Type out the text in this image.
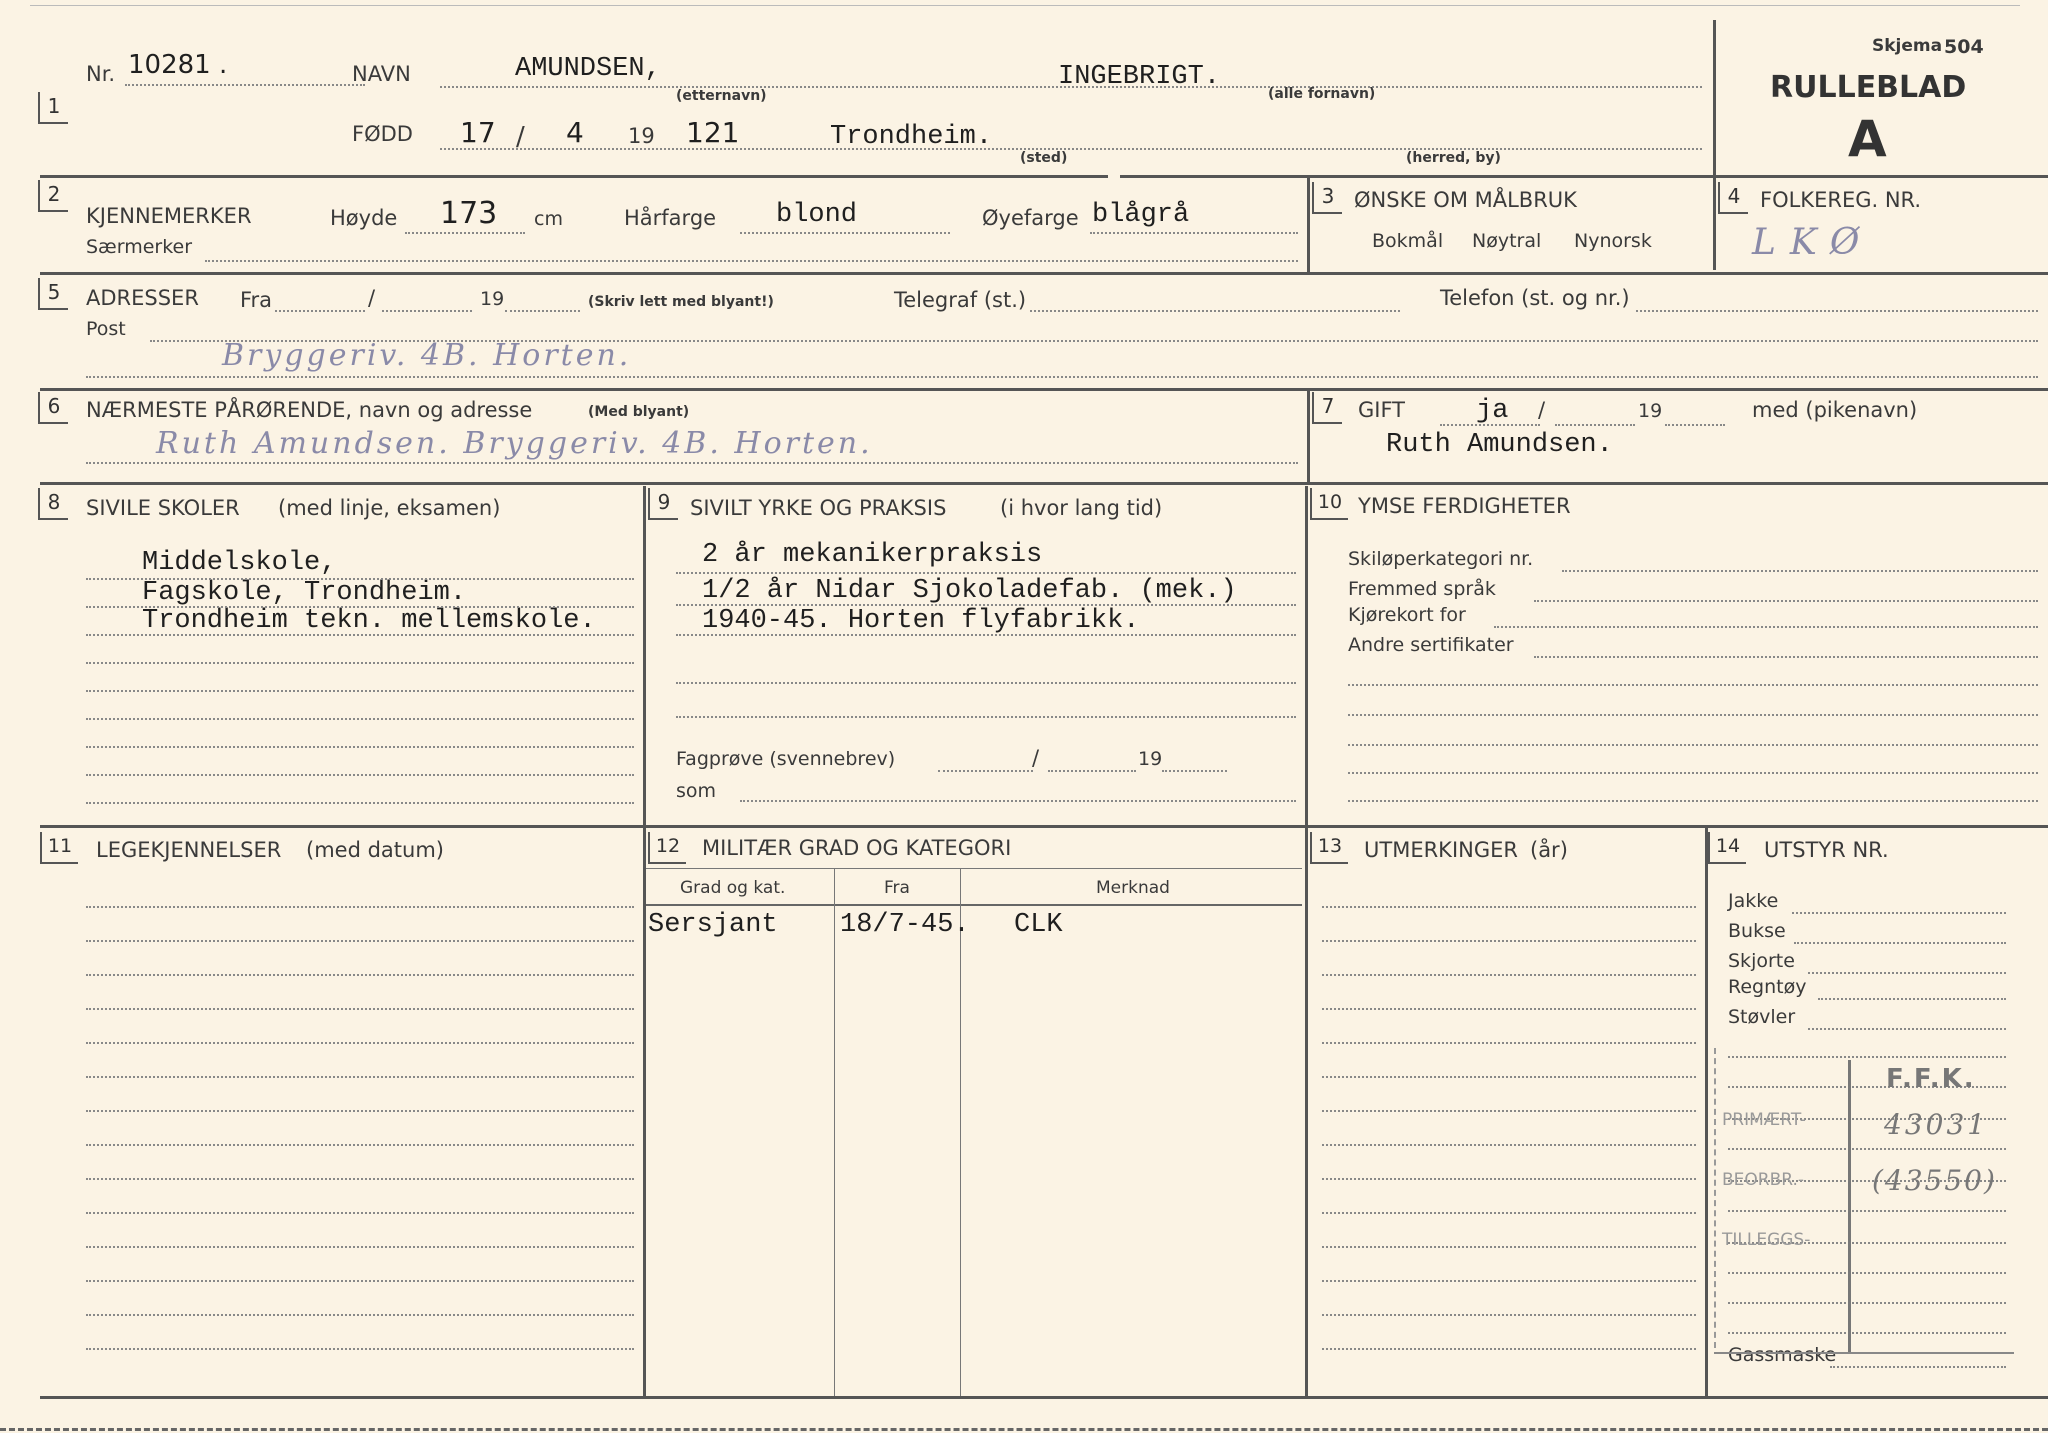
1
Nr. 10281 .	NAVN	AMUNDSEN,
(etternavn)
INGEBRIGT.
(alle fornavn)
FØDD 17 / 4 19 121	Trondheim.
(sted)	(herred, by)
Skjema 504
RULLEBLAD
A
2
KJENNEMERKER
Særmerker
Høyde 173 cm	Hårfarge blond	Øyefarge blågrå
3 ØNSKE OM MÅLBRUK
Bokmål Nøytral Nynorsk
4 FOLKEREG. NR.
LKØ
5	ADRESSER Fra	/	19	(Skriv lett med blyant!)	Telegraf (st.)	Telefon (st. og nr.)
Post
Bryggeriv. 4B. Horten.
6	NÆRMESTE PÅRØRENDE, navn og adresse	(Med blyant)
Ruth Amundsen. Bryggeriv. 4B. Horten.
7	GIFT	ja /	19	med (pikenavn)
Ruth Amundsen.
8	SIVILE SKOLER (med linje, eksamen)
Middelskole,
Fagskole, Trondheim.
Trondheim tekn. mellemskole.
9 SIVILT YRKE OG PRAKSIS	(i hvor lang tid)
2 år mekanikerpraksis
1/2 år Nidar Sjokoladefab. (mek.)
1940-45. Horten flyfabrikk.
Fagprøve (svennebrev)	/	19
som
10 YMSE FERDIGHETER
Skiløperkategori nr.
Fremmed språk
Kjørekort for
Andre sertifikater
11 LEGEKJENNELSER (med datum)	12 MILITÆR GRAD OG KATEGORI
Grad og kat.	Fra	Merknad
Sersjant 18/7-45. CLK
13 UTMERKINGER (år)	14 UTSTYR NR.
Jakke
Bukse
Skjorte
Regntøy
Støvler
Gassmaske
F.F.K.
PRIMÆRT-	43031
BEORBR.- (43550)
TILLEGGS-
